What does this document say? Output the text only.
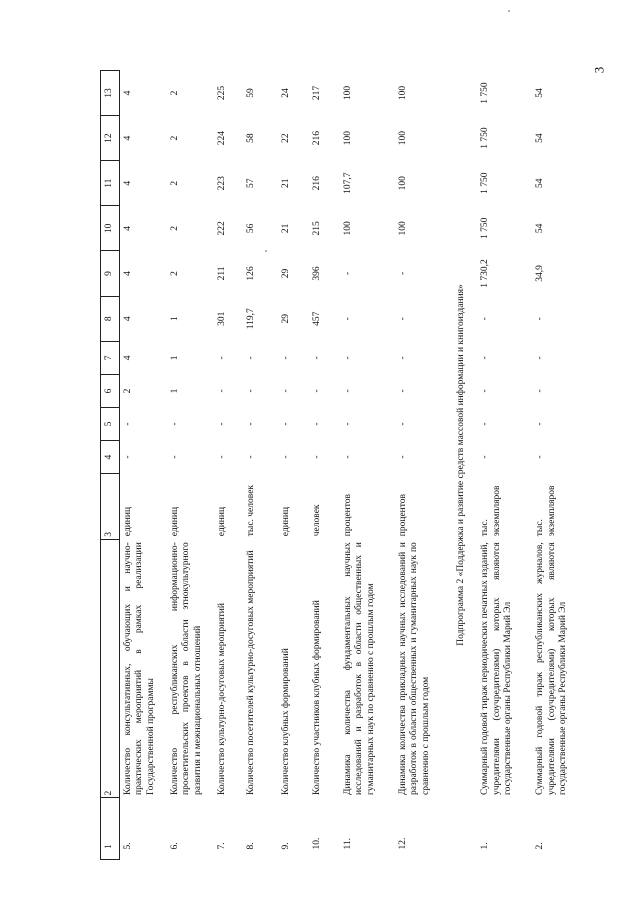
3
1	2	3	4	5	6	7	8	9	10	11	12	13
5.	Количество консультативных, обучающих и научно-практических мероприятий в рамках реализации Государственной программы	единиц	-	-	2	4	4	4	4	4	4	4
6.	Количество республиканских информационно-просветительских проектов в области этнокультурного развития и межнациональных отношений	единиц	-	-	1	1	1	2	2	2	2	2
7.	Количество культурно-досуговых мероприятий	единиц	-	-	-	-	301	211	222	223	224	225
8.	Количество посетителей культурно-досуговых мероприятий	тыс. человек	-	-	-	-	119,7	126	56	57	58	59
9.	Количество клубных формирований	единиц	-	-	-	-	29	29	21	21	22	24
10.	Количество участников клубных формирований	человек	-	-	-	-	457	396	215	216	216	217
11.	Динамика количества фундаментальных научных исследований и разработок в области общественных и гуманитарных наук по сравнению с прошлым годом	процентов	-	-	-	-	-	-	100	107,7	100	100
12.	Динамика количества прикладных научных исследований и разработок в области общественных и гуманитарных наук по сравнению с прошлым годом	процентов	-	-	-	-	-	-	100	100	100	100
Подпрограмма 2 «Поддержка и развитие средств массовой информации и книгоиздания»												
1.	Суммарный годовой тираж периодических печатных изданий, учредителями (соучредителями) которых являются государственные органы Республики Марий Эл	тыс. экземпляров	-	-	-	-	-	1 730,2	1 750	1 750	1 750	1 750
2.	Суммарный годовой тираж республиканских журналов, учредителями (соучредителями) которых являются государственные органы Республики Марий Эл	тыс. экземпляров	-	-	-	-	-	34,9	54	54	54	54
